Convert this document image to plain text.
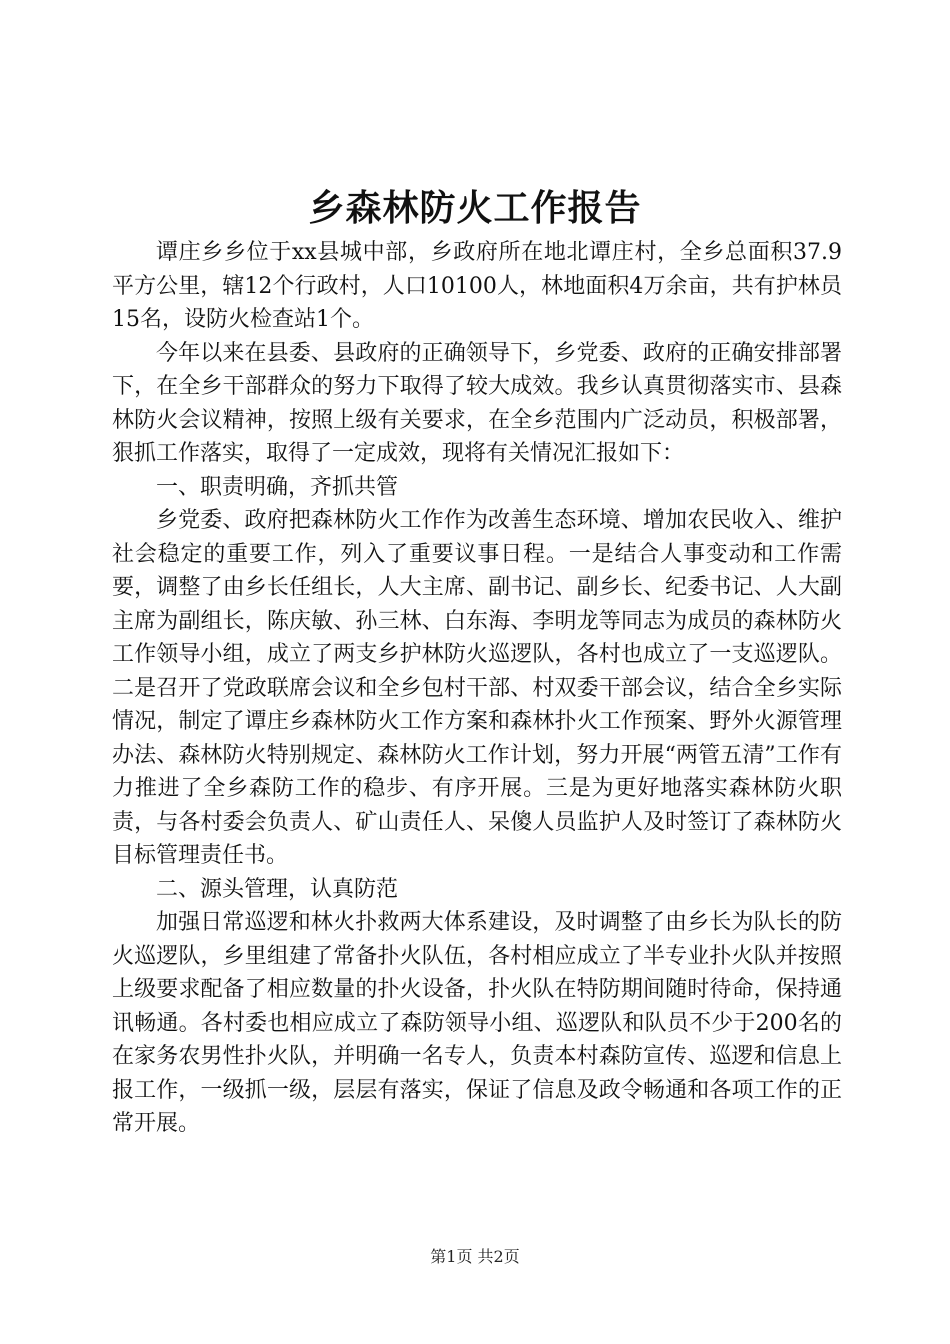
乡森林防火工作报告

谭庄乡乡位于xx县城中部，乡政府所在地北谭庄村，全乡总面积37.9平方公里，辖12个行政村，人口10100人，林地面积4万余亩，共有护林员15名，设防火检查站1个。

今年以来在县委、县政府的正确领导下，乡党委、政府的正确安排部署下，在全乡干部群众的努力下取得了较大成效。我乡认真贯彻落实市、县森林防火会议精神，按照上级有关要求，在全乡范围内广泛动员，积极部署，狠抓工作落实，取得了一定成效，现将有关情况汇报如下：

一、职责明确，齐抓共管

乡党委、政府把森林防火工作作为改善生态环境、增加农民收入、维护社会稳定的重要工作，列入了重要议事日程。一是结合人事变动和工作需要，调整了由乡长任组长，人大主席、副书记、副乡长、纪委书记、人大副主席为副组长，陈庆敏、孙三林、白东海、李明龙等同志为成员的森林防火工作领导小组，成立了两支乡护林防火巡逻队，各村也成立了一支巡逻队。二是召开了党政联席会议和全乡包村干部、村双委干部会议，结合全乡实际情况，制定了谭庄乡森林防火工作方案和森林扑火工作预案、野外火源管理办法、森林防火特别规定、森林防火工作计划，努力开展“两管五清”工作有力推进了全乡森防工作的稳步、有序开展。三是为更好地落实森林防火职责，与各村委会负责人、矿山责任人、呆傻人员监护人及时签订了森林防火目标管理责任书。

二、源头管理，认真防范

加强日常巡逻和林火扑救两大体系建设，及时调整了由乡长为队长的防火巡逻队，乡里组建了常备扑火队伍，各村相应成立了半专业扑火队并按照上级要求配备了相应数量的扑火设备，扑火队在特防期间随时待命，保持通讯畅通。各村委也相应成立了森防领导小组、巡逻队和队员不少于200名的在家务农男性扑火队，并明确一名专人，负责本村森防宣传、巡逻和信息上报工作，一级抓一级，层层有落实，保证了信息及政令畅通和各项工作的正常开展。

第1页 共2页
